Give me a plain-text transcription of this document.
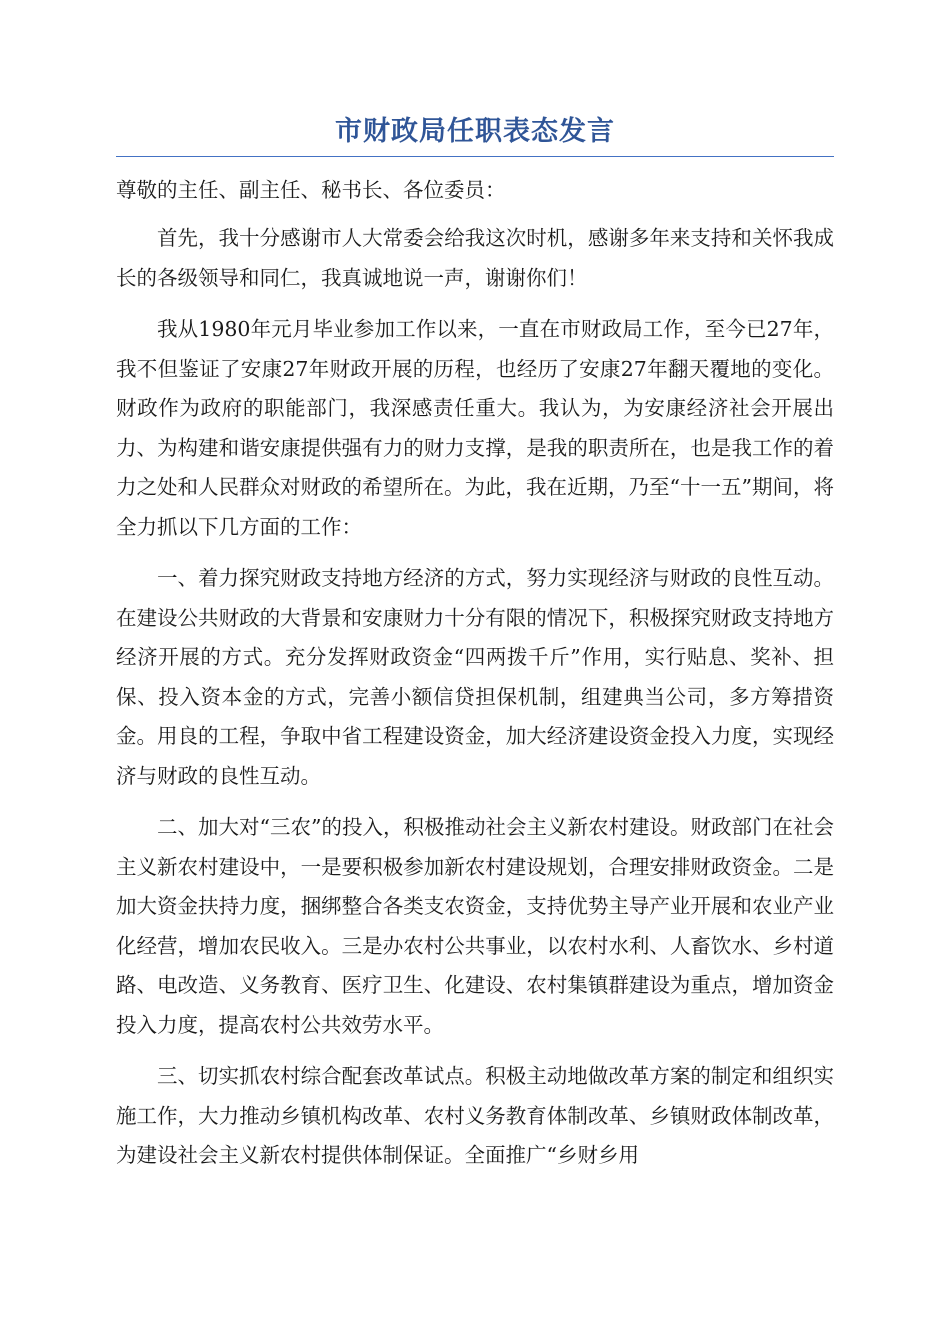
市财政局任职表态发言

尊敬的主任、副主任、秘书长、各位委员：

首先，我十分感谢市人大常委会给我这次时机，感谢多年来支持和关怀我成长的各级领导和同仁，我真诚地说一声，谢谢你们！

我从1980年元月毕业参加工作以来，一直在市财政局工作，至今已27年，我不但鉴证了安康27年财政开展的历程，也经历了安康27年翻天覆地的变化。财政作为政府的职能部门，我深感责任重大。我认为，为安康经济社会开展出力、为构建和谐安康提供强有力的财力支撑，是我的职责所在，也是我工作的着力之处和人民群众对财政的希望所在。为此，我在近期，乃至“十一五”期间，将全力抓以下几方面的工作：

一、着力探究财政支持地方经济的方式，努力实现经济与财政的良性互动。在建设公共财政的大背景和安康财力十分有限的情况下，积极探究财政支持地方经济开展的方式。充分发挥财政资金“四两拨千斤”作用，实行贴息、奖补、担保、投入资本金的方式，完善小额信贷担保机制，组建典当公司，多方筹措资金。用良的工程，争取中省工程建设资金，加大经济建设资金投入力度，实现经济与财政的良性互动。

二、加大对“三农”的投入，积极推动社会主义新农村建设。财政部门在社会主义新农村建设中，一是要积极参加新农村建设规划，合理安排财政资金。二是加大资金扶持力度，捆绑整合各类支农资金，支持优势主导产业开展和农业产业化经营，增加农民收入。三是办农村公共事业，以农村水利、人畜饮水、乡村道路、电改造、义务教育、医疗卫生、化建设、农村集镇群建设为重点，增加资金投入力度，提高农村公共效劳水平。

三、切实抓农村综合配套改革试点。积极主动地做改革方案的制定和组织实施工作，大力推动乡镇机构改革、农村义务教育体制改革、乡镇财政体制改革，为建设社会主义新农村提供体制保证。全面推广“乡财乡用
